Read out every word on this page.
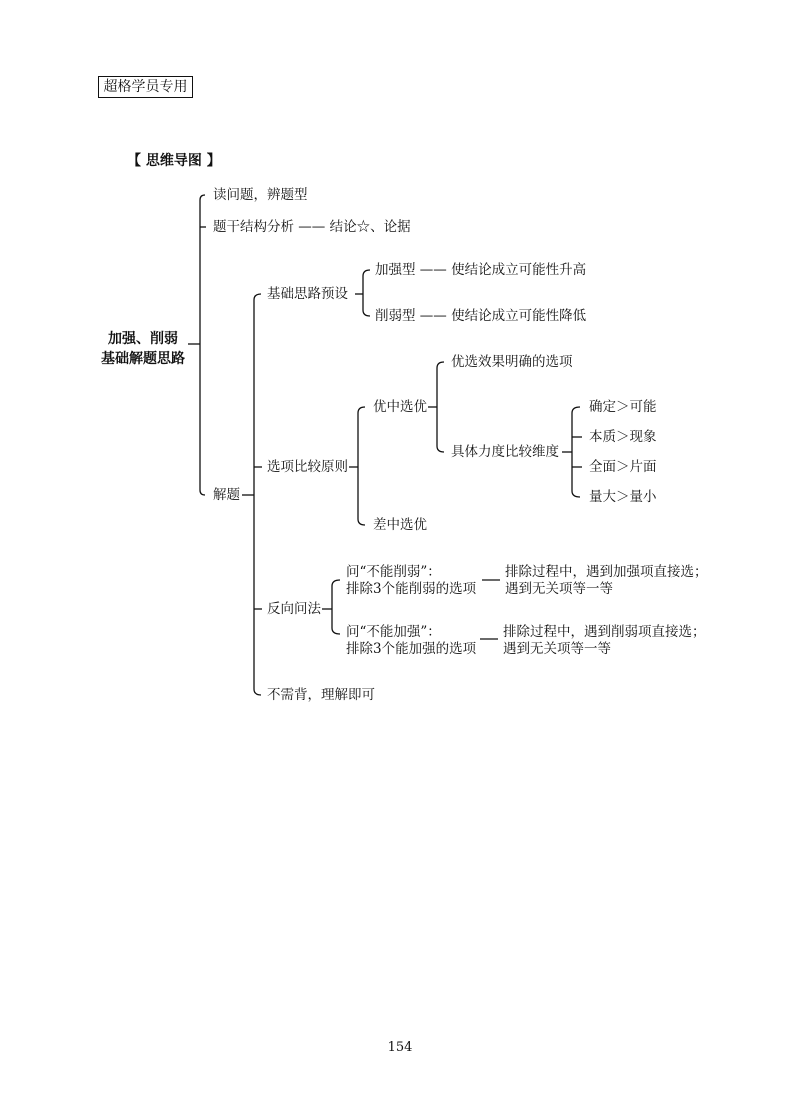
超格学员专用
【 思维导图 】
加强、削弱
基础解题思路
读问题，辨题型
题干结构分析 —— 结论☆、论据
解题
基础思路预设
加强型 —— 使结论成立可能性升高
削弱型 —— 使结论成立可能性降低
选项比较原则
优中选优
优选效果明确的选项
具体力度比较维度
确定＞可能
本质＞现象
全面＞片面
量大＞量小
差中选优
反向问法
问“不能削弱”：
排除3个能削弱的选项
排除过程中，遇到加强项直接选；
遇到无关项等一等
问“不能加强”：
排除3个能加强的选项
排除过程中，遇到削弱项直接选；
遇到无关项等一等
不需背，理解即可
154
